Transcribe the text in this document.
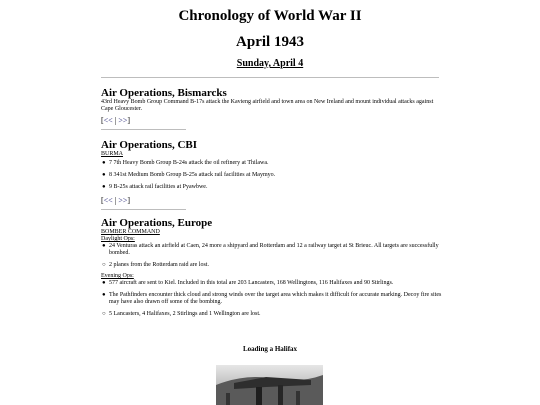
Chronology of World War II
April 1943
Sunday, April 4
Air Operations, Bismarcks
43rd Heavy Bomb Group Command B-17s attack the Kavieng airfield and town area on New Ireland and mount individual attacks against Cape Gloucester.
[<< | >>]
Air Operations, CBI
BURMA
● 7 7th Heavy Bomb Group B-24s attack the oil refinery at Thilawa.
● 8 341st Medium Bomb Group B-25s attack rail facilities at Maymyo.
● 9 B-25s attack rail facilities at Pyawbwe.
[<< | >>]
Air Operations, Europe
BOMBER COMMAND
Daylight Ops:
● 24 Venturas attack an airfield at Caen, 24 more a shipyard and Rotterdam and 12 a railway target at St Brieuc. All targets are successfully bombed.
○ 2 planes from the Rotterdam raid are lost.
Evening Ops:
● 577 aircraft are sent to Kiel. Included in this total are 203 Lancasters, 168 Wellingtons, 116 Halifaxes and 90 Stirlings.
● The Pathfinders encounter thick cloud and strong winds over the target area which makes it difficult for accurate marking. Decoy fire sites may have also drawn off some of the bombing.
○ 5 Lancasters, 4 Halifaxes, 2 Stirlings and 1 Wellington are lost.
Loading a Halifax
